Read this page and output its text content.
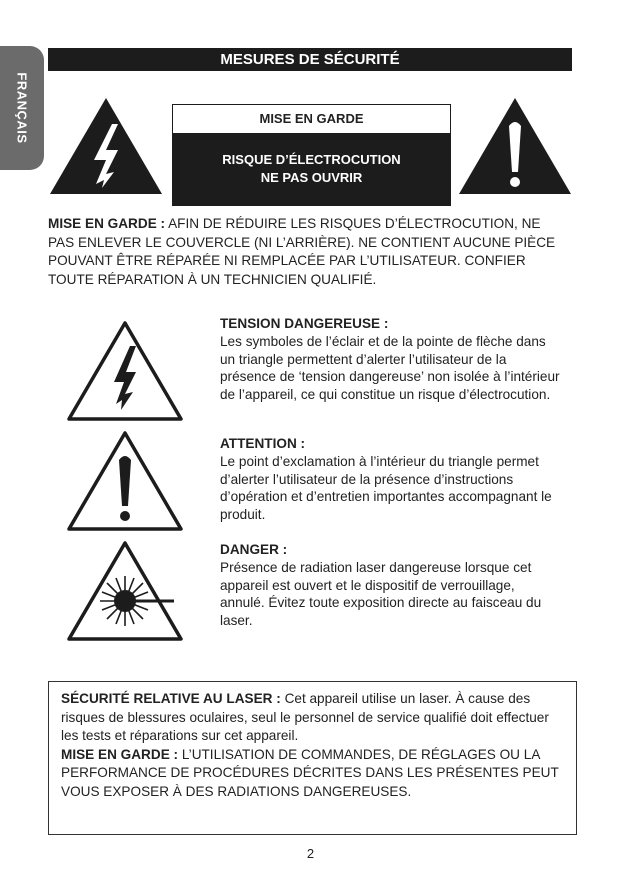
FRANÇAIS
MESURES DE SÉCURITÉ
MISE EN GARDE
RISQUE D’ÉLECTROCUTION
NE PAS OUVRIR
MISE EN GARDE : AFIN DE RÉDUIRE LES RISQUES D’ÉLECTROCUTION, NE PAS ENLEVER LE COUVERCLE (NI L’ARRIÈRE). NE CONTIENT AUCUNE PIÈCE POUVANT ÊTRE RÉPARÉE NI REMPLACÉE PAR L’UTILISATEUR. CONFIER TOUTE RÉPARATION À UN TECHNICIEN QUALIFIÉ.
TENSION DANGEREUSE :
Les symboles de l’éclair et de la pointe de flèche dans un triangle permettent d’alerter l’utilisateur de la présence de ‘tension dangereuse’ non isolée à l’intérieur de l’appareil, ce qui constitue un risque d’électrocution.
ATTENTION :
Le point d’exclamation à l’intérieur du triangle permet d’alerter l’utilisateur de la présence d’instructions d’opération et d’entretien importantes accompagnant le produit.
DANGER :
Présence de radiation laser dangereuse lorsque cet appareil est ouvert et le dispositif de verrouillage, annulé. Évitez toute exposition directe au faisceau du laser.
SÉCURITÉ RELATIVE AU LASER : Cet appareil utilise un laser. À cause des risques de blessures oculaires, seul le personnel de service qualifié doit effectuer les tests et réparations sur cet appareil.
MISE EN GARDE : L’UTILISATION DE COMMANDES, DE RÉGLAGES OU LA PERFORMANCE DE PROCÉDURES DÉCRITES DANS LES PRÉSENTES PEUT VOUS EXPOSER À DES RADIATIONS DANGEREUSES.
2
